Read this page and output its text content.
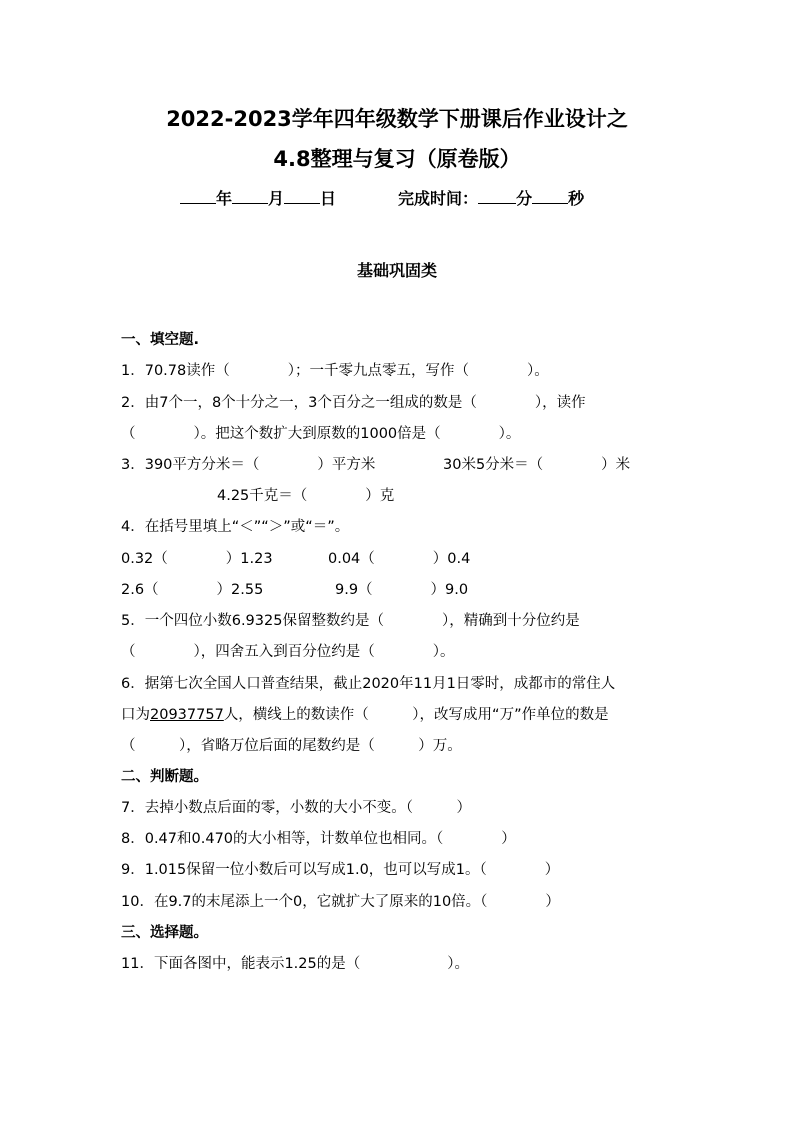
2022-2023学年四年级数学下册课后作业设计之
4.8整理与复习（原卷版）
年 月 日	完成时间： 分 秒
基础巩固类
一、填空题.
1．70.78读作（　　　　）；一千零九点零五，写作（　　　　）。
2．由7个一，8个十分之一，3个百分之一组成的数是（　　　　），读作
（　　　　）。把这个数扩大到原数的1000倍是（　　　　）。
3．390平方分米＝（　　　　）平方米	30米5分米＝（　　　　）米
4.25千克＝（　　　　）克
4．在括号里填上“＜”“＞”或“＝”。
0.32（　　　　）1.23	0.04（　　　　）0.4
2.6（　　　　）2.55	9.9（　　　　）9.0
5．一个四位小数6.9325保留整数约是（　　　　），精确到十分位约是
（　　　　），四舍五入到百分位约是（　　　　）。
6．据第七次全国人口普查结果，截止2020年11月1日零时，成都市的常住人
口为20937757人，横线上的数读作（　　　），改写成用“万”作单位的数是
（　　　），省略万位后面的尾数约是（　　　）万。
二、判断题。
7．去掉小数点后面的零，小数的大小不变。（　　　）
8．0.47和0.470的大小相等，计数单位也相同。（　　　　）
9．1.015保留一位小数后可以写成1.0，也可以写成1。（　　　　）
10．在9.7的末尾添上一个0，它就扩大了原来的10倍。（　　　　）
三、选择题。
11．下面各图中，能表示1.25的是（　　　　　　）。
